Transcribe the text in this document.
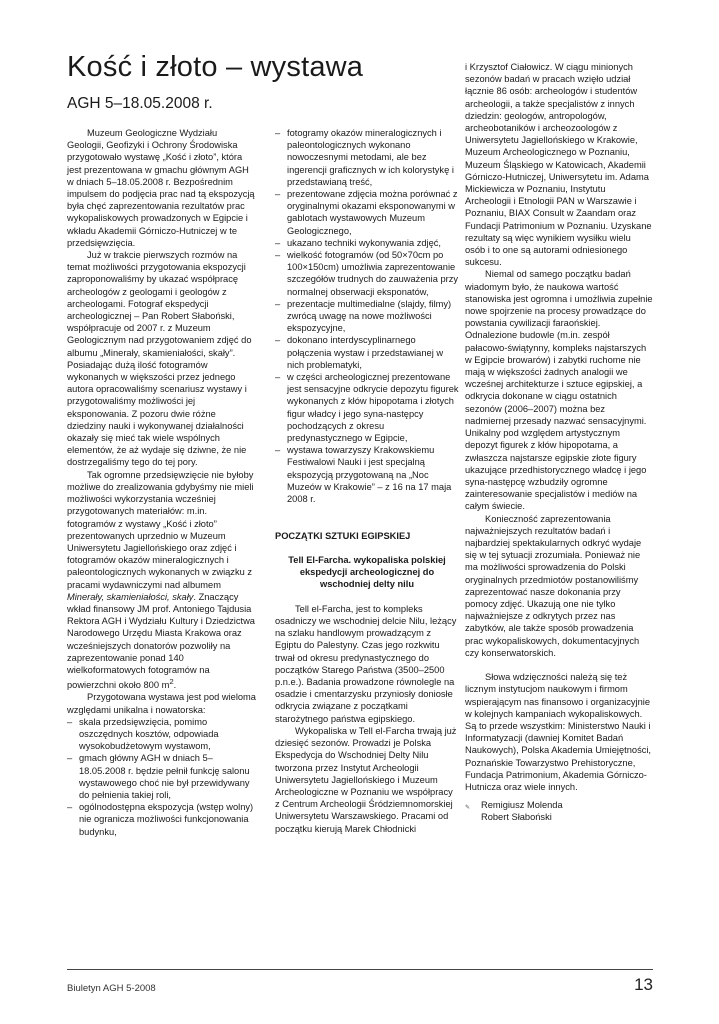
Kość i złoto – wystawa
AGH 5–18.05.2008 r.

Muzeum Geologiczne Wydziału Geologii, Geofizyki i Ochrony Środowiska przygotowało wystawę „Kość i złoto”, która jest prezentowana w gmachu głównym AGH w dniach 5–18.05.2008 r. Bezpośrednim impulsem do podjęcia prac nad tą ekspozycją była chęć zaprezentowania rezultatów prac wykopaliskowych prowadzonych w Egipcie i wkładu Akademii Górniczo-Hutniczej w te przedsięwzięcia.

Już w trakcie pierwszych rozmów na temat możliwości przygotowania ekspozycji zaproponowaliśmy by ukazać współpracę archeologów z geologami i geologów z archeologami. Fotograf ekspedycji archeologicznej – Pan Robert Słaboński, współpracuje od 2007 r. z Muzeum Geologicznym nad przygotowaniem zdjęć do albumu „Minerały, skamieniałości, skały”. Posiadając dużą ilość fotogramów wykonanych w większości przez jednego autora opracowaliśmy scenariusz wystawy i przygotowaliśmy możliwości jej eksponowania. Z pozoru dwie różne dziedziny nauki i wykonywanej działalności okazały się mieć tak wiele wspólnych elementów, że aż wydaje się dziwne, że nie dostrzegaliśmy tego do tej pory.

Tak ogromne przedsięwzięcie nie byłoby możliwe do zrealizowania gdybyśmy nie mieli możliwości wykorzystania wcześniej przygotowanych materiałów: m.in. fotogramów z wystawy „Kość i złoto” prezentowanych uprzednio w Muzeum Uniwersytetu Jagiellońskiego oraz zdjęć i fotogramów okazów mineralogicznych i paleontologicznych wykonanych w związku z pracami wydawniczymi nad albumem Minerały, skamieniałości, skały. Znaczący wkład finansowy JM prof. Antoniego Tajdusia Rektora AGH i Wydziału Kultury i Dziedzictwa Narodowego Urzędu Miasta Krakowa oraz wcześniejszych donatorów pozwoliły na zaprezentowanie ponad 140 wielkoformatowych fotogramów na powierzchni około 800 $m^2$.

Przygotowana wystawa jest pod wieloma względami unikalna i nowatorska:

– skala przedsięwzięcia, pomimo oszczędnych kosztów, odpowiada wysokobudżetowym wystawom,
– gmach główny AGH w dniach 5–18.05.2008 r. będzie pełnił funkcję salonu wystawowego choć nie był przewidywany do pełnienia takiej roli,
– ogólnodostępna ekspozycja (wstęp wolny) nie ogranicza możliwości funkcjonowania budynku,
– fotogramy okazów mineralogicznych i paleontologicznych wykonano nowoczesnymi metodami, ale bez ingerencji graficznych w ich kolorystykę i przedstawianą treść,
– prezentowane zdjęcia można porównać z oryginalnymi okazami eksponowanymi w gablotach wystawowych Muzeum Geologicznego,
– ukazano techniki wykonywania zdjęć,
– wielkość fotogramów (od 50×70cm po 100×150cm) umożliwia zaprezentowanie szczegółów trudnych do zauważenia przy normalnej obserwacji eksponatów,
– prezentacje multimedialne (slajdy, filmy) zwrócą uwagę na nowe możliwości ekspozycyjne,
– dokonano interdyscyplinarnego połączenia wystaw i przedstawianej w nich problematyki,
– w części archeologicznej prezentowane jest sensacyjne odkrycie depozytu figurek wykonanych z kłów hipopotama i złotych figur władcy i jego syna-następcy pochodzących z okresu predynastycznego w Egipcie,
– wystawa towarzyszy Krakowskiemu Festiwalowi Nauki i jest specjalną ekspozycją przygotowaną na „Noc Muzeów w Krakowie” – z 16 na 17 maja 2008 r.

POCZĄTKI SZTUKI EGIPSKIEJ

Tell El-Farcha. wykopaliska polskiej ekspedycji archeologicznej do wschodniej delty nilu

Tell el-Farcha, jest to kompleks osadniczy we wschodniej delcie Nilu, leżący na szlaku handlowym prowadzącym z Egiptu do Palestyny. Czas jego rozkwitu trwał od okresu predynastycznego do początków Starego Państwa (3500–2500 p.n.e.). Badania prowadzone równolegle na osadzie i cmentarzysku przyniosły doniosłe odkrycia związane z początkami starożytnego państwa egipskiego.

Wykopaliska w Tell el-Farcha trwają już dziesięć sezonów. Prowadzi je Polska Ekspedycja do Wschodniej Delty Nilu tworzona przez Instytut Archeologii Uniwersytetu Jagiellońskiego i Muzeum Archeologiczne w Poznaniu we współpracy z Centrum Archeologii Śródziemnomorskiej Uniwersytetu Warszawskiego. Pracami od początku kierują Marek Chłodnicki

i Krzysztof Ciałowicz. W ciągu minionych sezonów badań w pracach wzięło udział łącznie 86 osób: archeologów i studentów archeologii, a także specjalistów z innych dziedzin: geologów, antropologów, archeobotaników i archeozoologów z Uniwersytetu Jagiellońskiego w Krakowie, Muzeum Archeologicznego w Poznaniu, Muzeum Śląskiego w Katowicach, Akademii Górniczo-Hutniczej, Uniwersytetu im. Adama Mickiewicza w Poznaniu, Instytutu Archeologii i Etnologii PAN w Warszawie i Poznaniu, BIAX Consult w Zaandam oraz Fundacji Patrimonium w Poznaniu. Uzyskane rezultaty są więc wynikiem wysiłku wielu osób i to one są autorami odniesionego sukcesu.

Niemal od samego początku badań wiadomym było, że naukowa wartość stanowiska jest ogromna i umożliwia zupełnie nowe spojrzenie na procesy prowadzące do powstania cywilizacji faraońskiej. Odnalezione budowle (m.in. zespół pałacowo-świątynny, kompleks najstarszych w Egipcie browarów) i zabytki ruchome nie mają w większości żadnych analogii we wcześnej architekturze i sztuce egipskiej, a odkrycia dokonane w ciągu ostatnich sezonów (2006–2007) można bez nadmiernej przesady nazwać sensacyjnymi. Unikalny pod względem artystycznym depozyt figurek z kłów hipopotama, a zwłaszcza najstarsze egipskie złote figury ukazujące przedhistorycznego władcę i jego syna-następcę wzbudziły ogromne zainteresowanie specjalistów i mediów na całym świecie.

Konieczność zaprezentowania najważniejszych rezultatów badań i najbardziej spektakularnych odkryć wydaje się w tej sytuacji zrozumiała. Ponieważ nie ma możliwości sprowadzenia do Polski oryginalnych przedmiotów postanowiliśmy zaprezentować nasze dokonania przy pomocy zdjęć. Ukazują one nie tylko najważniejsze z odkrytych przez nas zabytków, ale także sposób prowadzenia prac wykopaliskowych, dokumentacyjnych czy konserwatorskich.

Słowa wdzięczności należą się też licznym instytucjom naukowym i firmom wspierającym nas finansowo i organizacyjnie w kolejnych kampaniach wykopaliskowych. Są to przede wszystkim: Ministerstwo Nauki i Informatyzacji (dawniej Komitet Badań Naukowych), Polska Akademia Umiejętności, Poznańskie Towarzystwo Prehistoryczne, Fundacja Patrimonium, Akademia Górniczo-Hutnicza oraz wiele innych.

✎	Remigiusz Molenda

Robert Słaboński

Biuletyn AGH 5-2008	13
